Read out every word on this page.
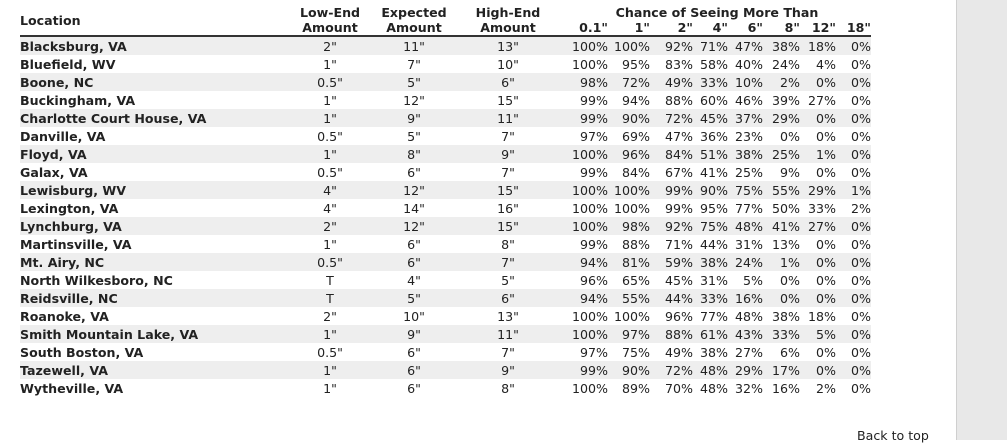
Location	Low-End	Expected	High-End	Chance of Seeing More Than							
	Amount	Amount	Amount	0.1"	1"	2"	4"	6"	8"	12"	18"
Blacksburg, VA	2"	11"	13"	100%	100%	92%	71%	47%	38%	18%	0%
Bluefield, WV	1"	7"	10"	100%	95%	83%	58%	40%	24%	4%	0%
Boone, NC	0.5"	5"	6"	98%	72%	49%	33%	10%	2%	0%	0%
Buckingham, VA	1"	12"	15"	99%	94%	88%	60%	46%	39%	27%	0%
Charlotte Court House, VA	1"	9"	11"	99%	90%	72%	45%	37%	29%	0%	0%
Danville, VA	0.5"	5"	7"	97%	69%	47%	36%	23%	0%	0%	0%
Floyd, VA	1"	8"	9"	100%	96%	84%	51%	38%	25%	1%	0%
Galax, VA	0.5"	6"	7"	99%	84%	67%	41%	25%	9%	0%	0%
Lewisburg, WV	4"	12"	15"	100%	100%	99%	90%	75%	55%	29%	1%
Lexington, VA	4"	14"	16"	100%	100%	99%	95%	77%	50%	33%	2%
Lynchburg, VA	2"	12"	15"	100%	98%	92%	75%	48%	41%	27%	0%
Martinsville, VA	1"	6"	8"	99%	88%	71%	44%	31%	13%	0%	0%
Mt. Airy, NC	0.5"	6"	7"	94%	81%	59%	38%	24%	1%	0%	0%
North Wilkesboro, NC	T	4"	5"	96%	65%	45%	31%	5%	0%	0%	0%
Reidsville, NC	T	5"	6"	94%	55%	44%	33%	16%	0%	0%	0%
Roanoke, VA	2"	10"	13"	100%	100%	96%	77%	48%	38%	18%	0%
Smith Mountain Lake, VA	1"	9"	11"	100%	97%	88%	61%	43%	33%	5%	0%
South Boston, VA	0.5"	6"	7"	97%	75%	49%	38%	27%	6%	0%	0%
Tazewell, VA	1"	6"	9"	99%	90%	72%	48%	29%	17%	0%	0%
Wytheville, VA	1"	6"	8"	100%	89%	70%	48%	32%	16%	2%	0%
Back to top
